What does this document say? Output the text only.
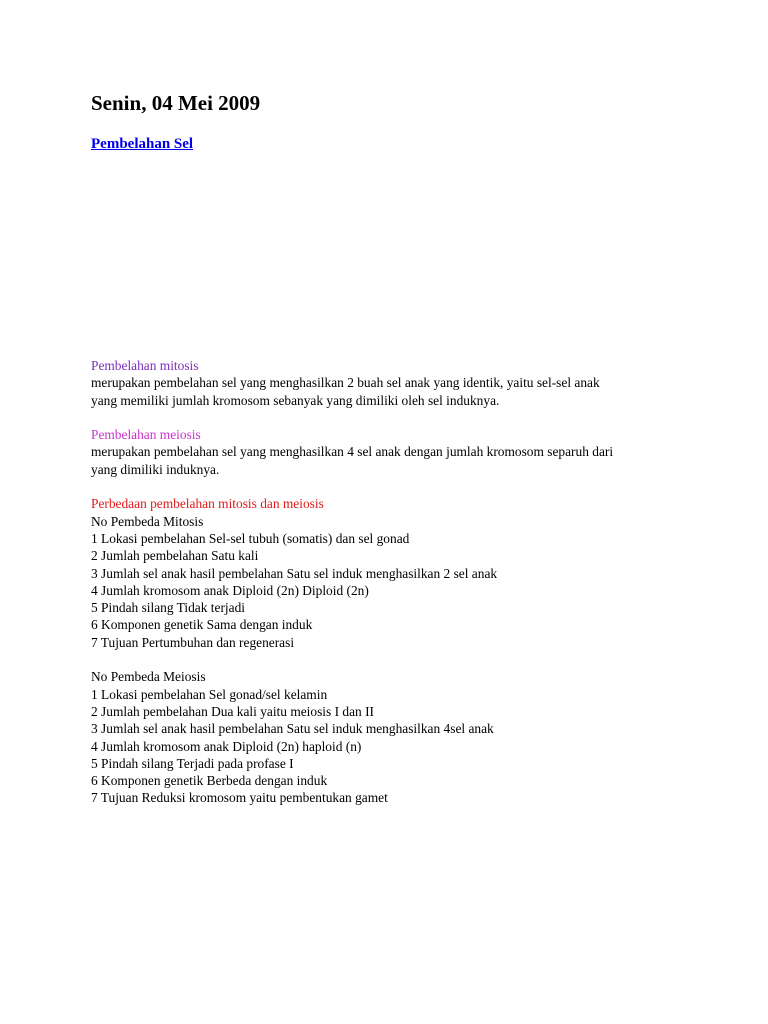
Senin, 04 Mei 2009
Pembelahan Sel
Pembelahan mitosis
merupakan pembelahan sel yang menghasilkan 2 buah sel anak yang identik, yaitu sel-sel anak
yang memiliki jumlah kromosom sebanyak yang dimiliki oleh sel induknya.
Pembelahan meiosis
merupakan pembelahan sel yang menghasilkan 4 sel anak dengan jumlah kromosom separuh dari
yang dimiliki induknya.
Perbedaan pembelahan mitosis dan meiosis
No Pembeda Mitosis
1 Lokasi pembelahan Sel-sel tubuh (somatis) dan sel gonad
2 Jumlah pembelahan Satu kali
3 Jumlah sel anak hasil pembelahan Satu sel induk menghasilkan 2 sel anak
4 Jumlah kromosom anak Diploid (2n) Diploid (2n)
5 Pindah silang Tidak terjadi
6 Komponen genetik Sama dengan induk
7 Tujuan Pertumbuhan dan regenerasi
No Pembeda Meiosis
1 Lokasi pembelahan Sel gonad/sel kelamin
2 Jumlah pembelahan Dua kali yaitu meiosis I dan II
3 Jumlah sel anak hasil pembelahan Satu sel induk menghasilkan 4sel anak
4 Jumlah kromosom anak Diploid (2n) haploid (n)
5 Pindah silang Terjadi pada profase I
6 Komponen genetik Berbeda dengan induk
7 Tujuan Reduksi kromosom yaitu pembentukan gamet
